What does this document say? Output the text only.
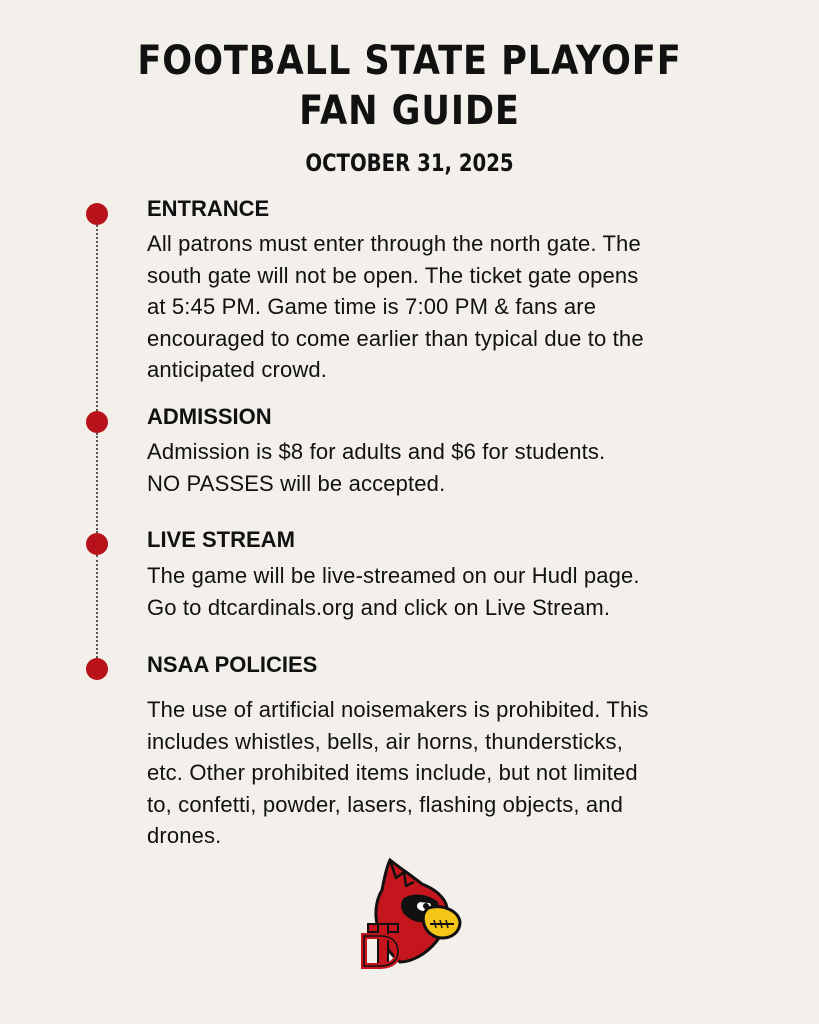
FOOTBALL STATE PLAYOFF
FAN GUIDE
OCTOBER 31, 2025
ENTRANCE
All patrons must enter through the north gate. The
south gate will not be open. The ticket gate opens
at 5:45 PM. Game time is 7:00 PM & fans are
encouraged to come earlier than typical due to the
anticipated crowd.
ADMISSION
Admission is $8 for adults and $6 for students.
NO PASSES will be accepted.
LIVE STREAM
The game will be live-streamed on our Hudl page.
Go to dtcardinals.org and click on Live Stream.
NSAA POLICIES
The use of artificial noisemakers is prohibited. This
includes whistles, bells, air horns, thundersticks,
etc. Other prohibited items include, but not limited
to, confetti, powder, lasers, flashing objects, and
drones.
